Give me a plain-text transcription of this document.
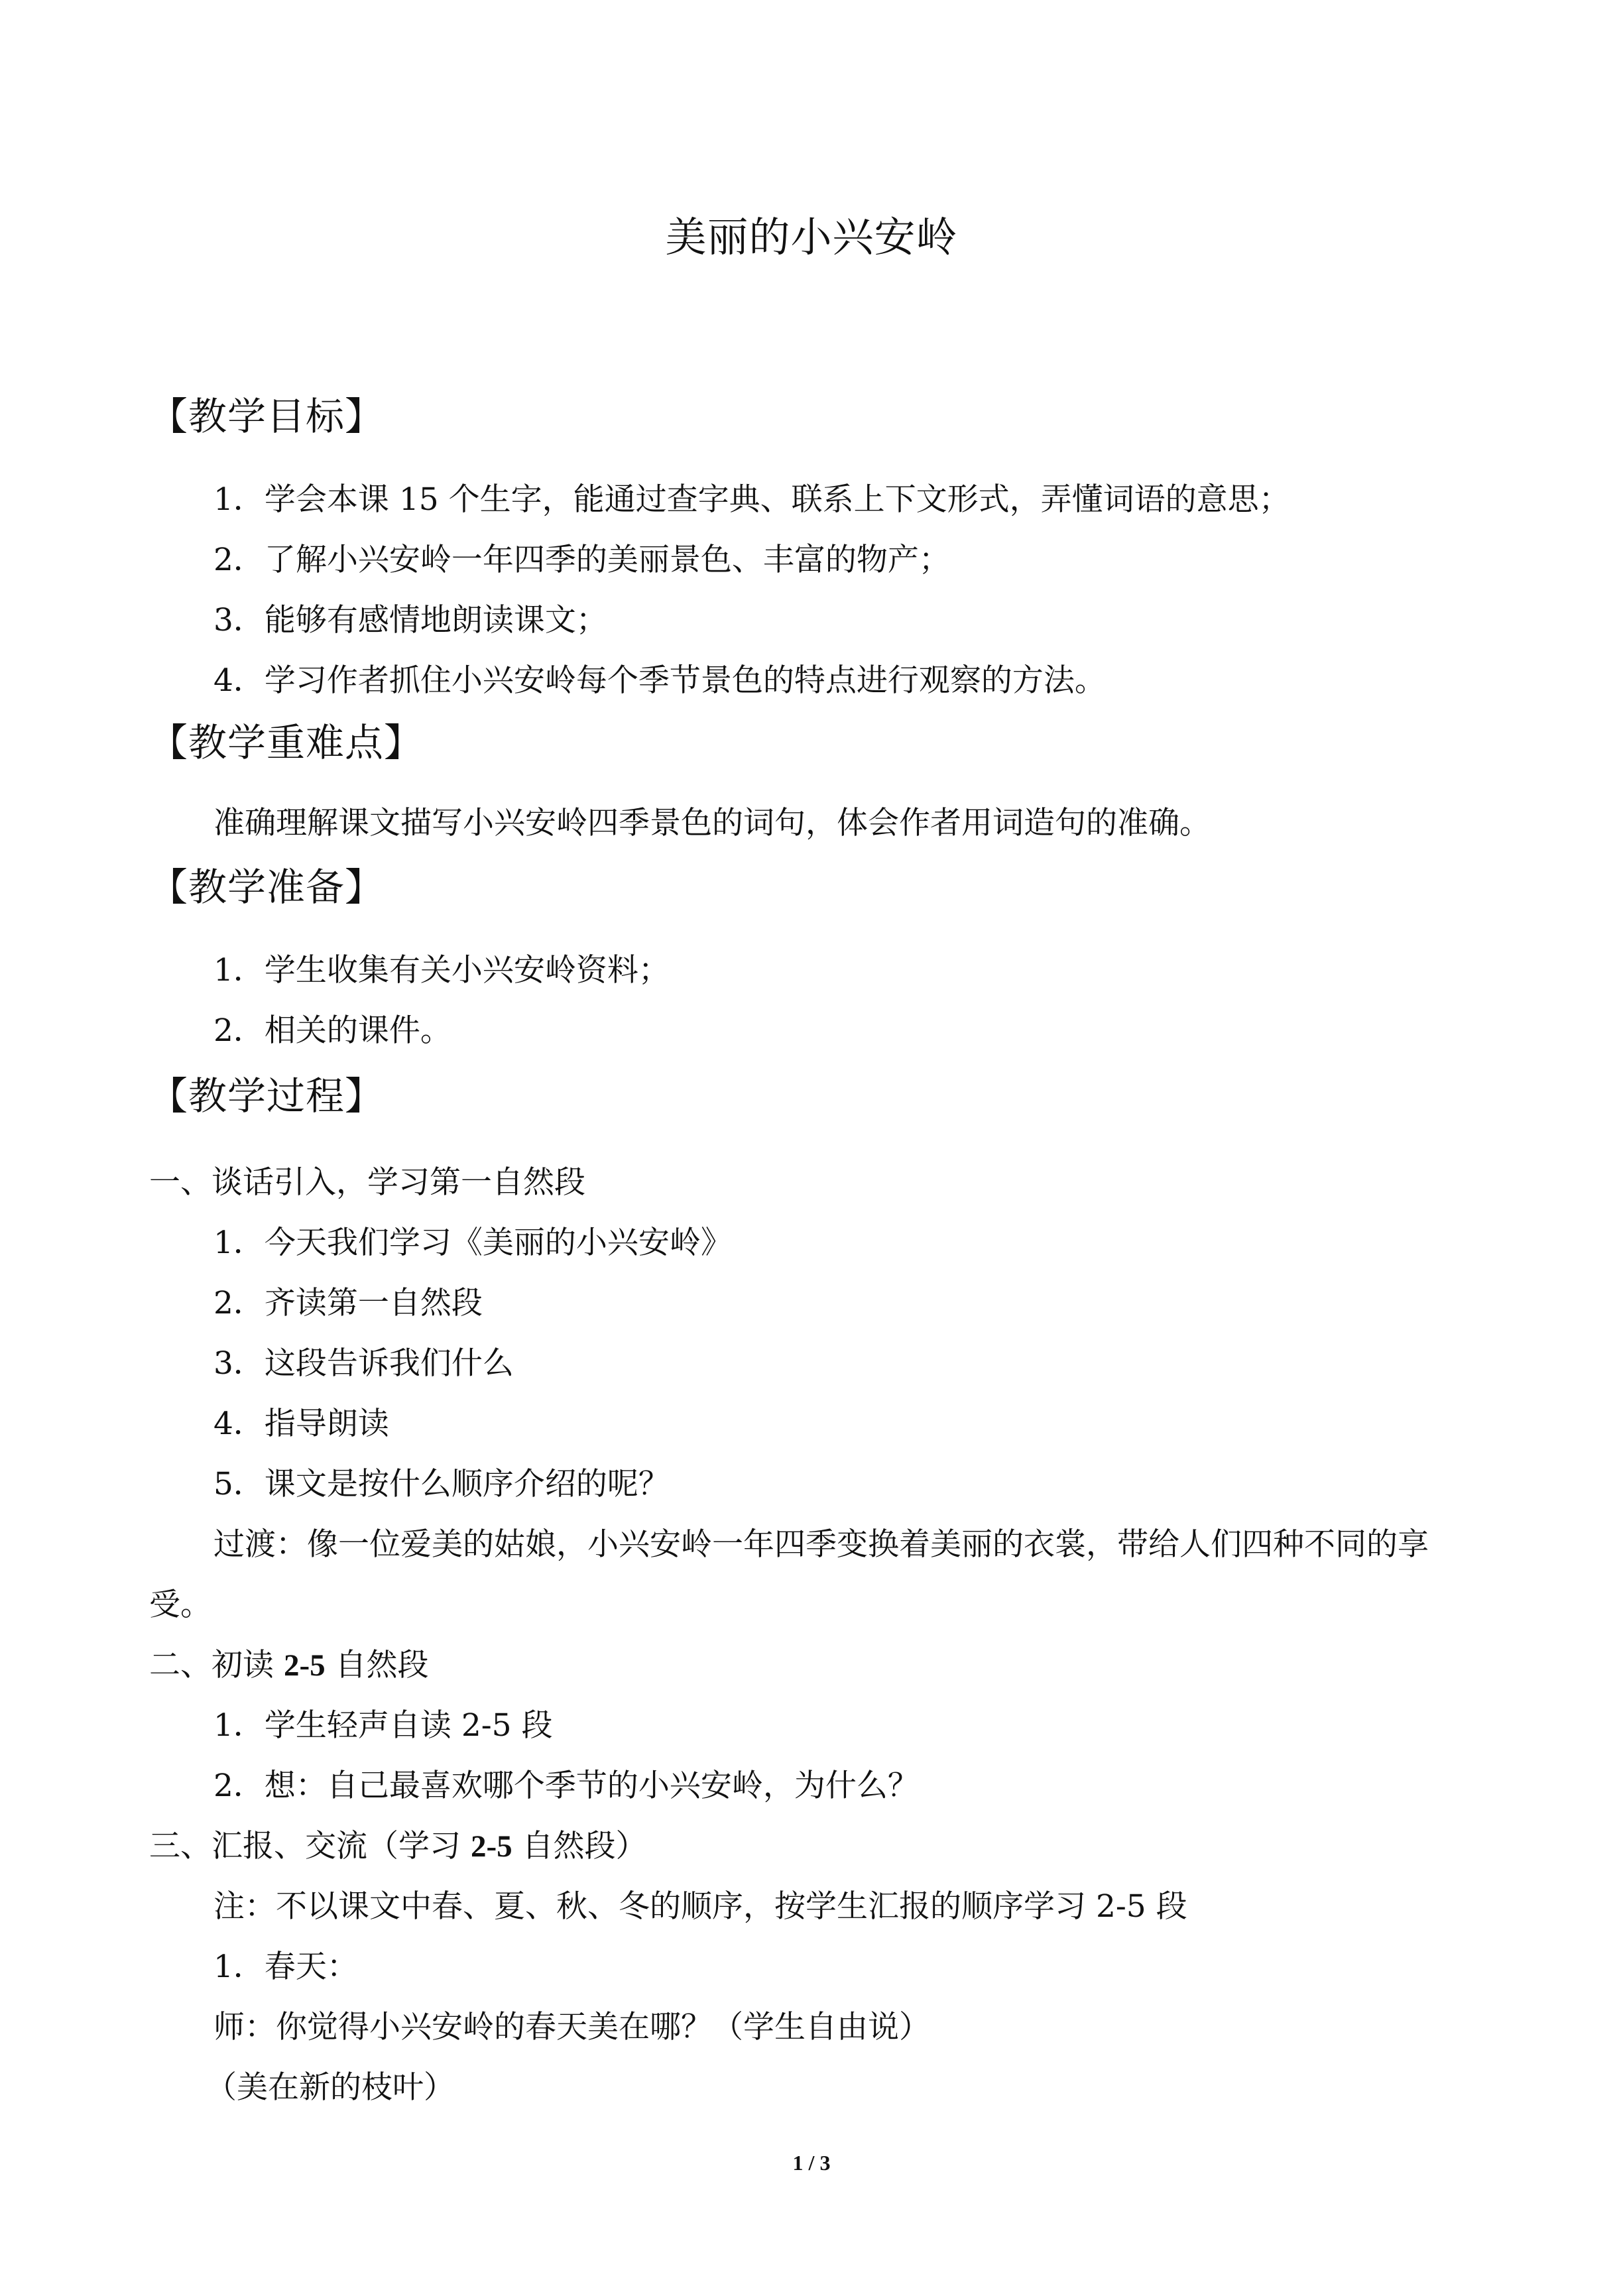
美丽的小兴安岭
【教学目标】
1．学会本课 15 个生字，能通过查字典、联系上下文形式，弄懂词语的意思；
2．了解小兴安岭一年四季的美丽景色、丰富的物产；
3．能够有感情地朗读课文；
4．学习作者抓住小兴安岭每个季节景色的特点进行观察的方法。
【教学重难点】
准确理解课文描写小兴安岭四季景色的词句，体会作者用词造句的准确。
【教学准备】
1．学生收集有关小兴安岭资料；
2．相关的课件。
【教学过程】
一、谈话引入，学习第一自然段
1．今天我们学习《美丽的小兴安岭》
2．齐读第一自然段
3．这段告诉我们什么
4．指导朗读
5．课文是按什么顺序介绍的呢？
过渡：像一位爱美的姑娘，小兴安岭一年四季变换着美丽的衣裳，带给人们四种不同的享
受。
二、初读 2-5 自然段
1．学生轻声自读 2-5 段
2．想：自己最喜欢哪个季节的小兴安岭，为什么？
三、汇报、交流（学习 2-5 自然段）
注：不以课文中春、夏、秋、冬的顺序，按学生汇报的顺序学习 2-5 段
1．春天：
师：你觉得小兴安岭的春天美在哪？（学生自由说）
（美在新的枝叶）
1 / 3
